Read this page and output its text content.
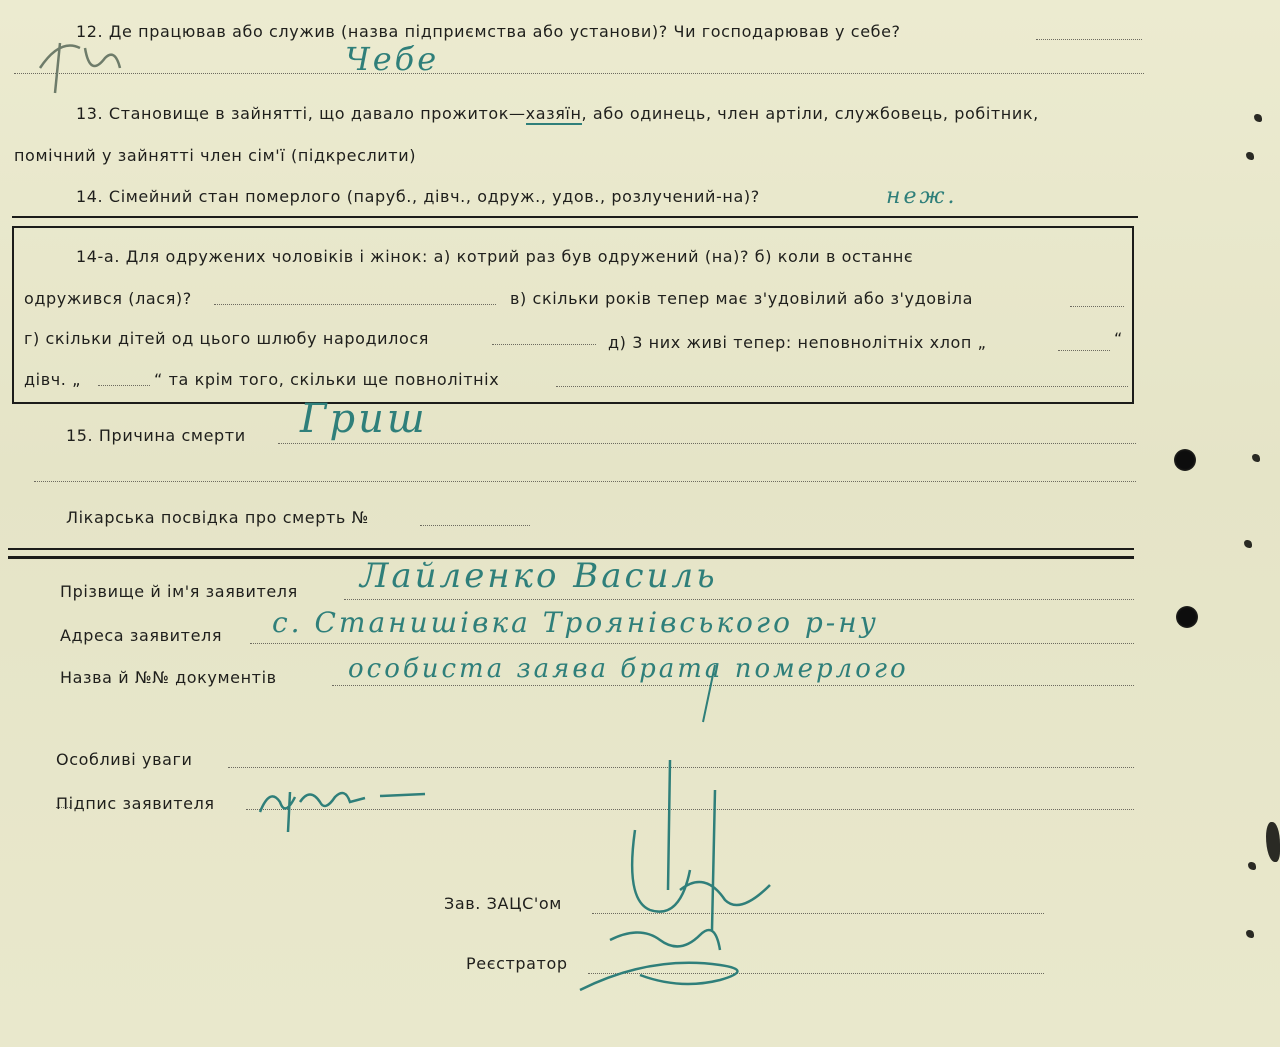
12. Де працював або служив (назва підприємства або установи)? Чи господарював у себе?
Чебе
13. Становище в зайнятті, що давало прожиток—хазяїн, або одинець, член артіли, службовець, робітник,
помічний у зайнятті член сім'ї (підкреслити)
14. Сімейний стан померлого (паруб., дівч., одруж., удов., розлучений-на)?	неж.
14-а. Для одружених чоловіків і жінок: а) котрий раз був одружений (на)? б) коли в останнє
одружився (лася)?	в) скільки років тепер має з'удовілий або з'удовіла
г) скільки дітей од цього шлюбу народилося	д) 3 них живі тепер: неповнолітніх хлоп „	“
дівч. „	“ та крім того, скільки ще повнолітніх
15. Причина смерти Гриш
Лікарська посвідка про смерть №
Прізвище й ім'я заявителя Лайленко Василь
Адреса заявителя с. Станишівка Троянівського р-ну
Назва й №№ документів	особиста заява брата померлого
Особливі уваги
Підпис заявителя
Зав. ЗАЦС'ом
Реєстратор
